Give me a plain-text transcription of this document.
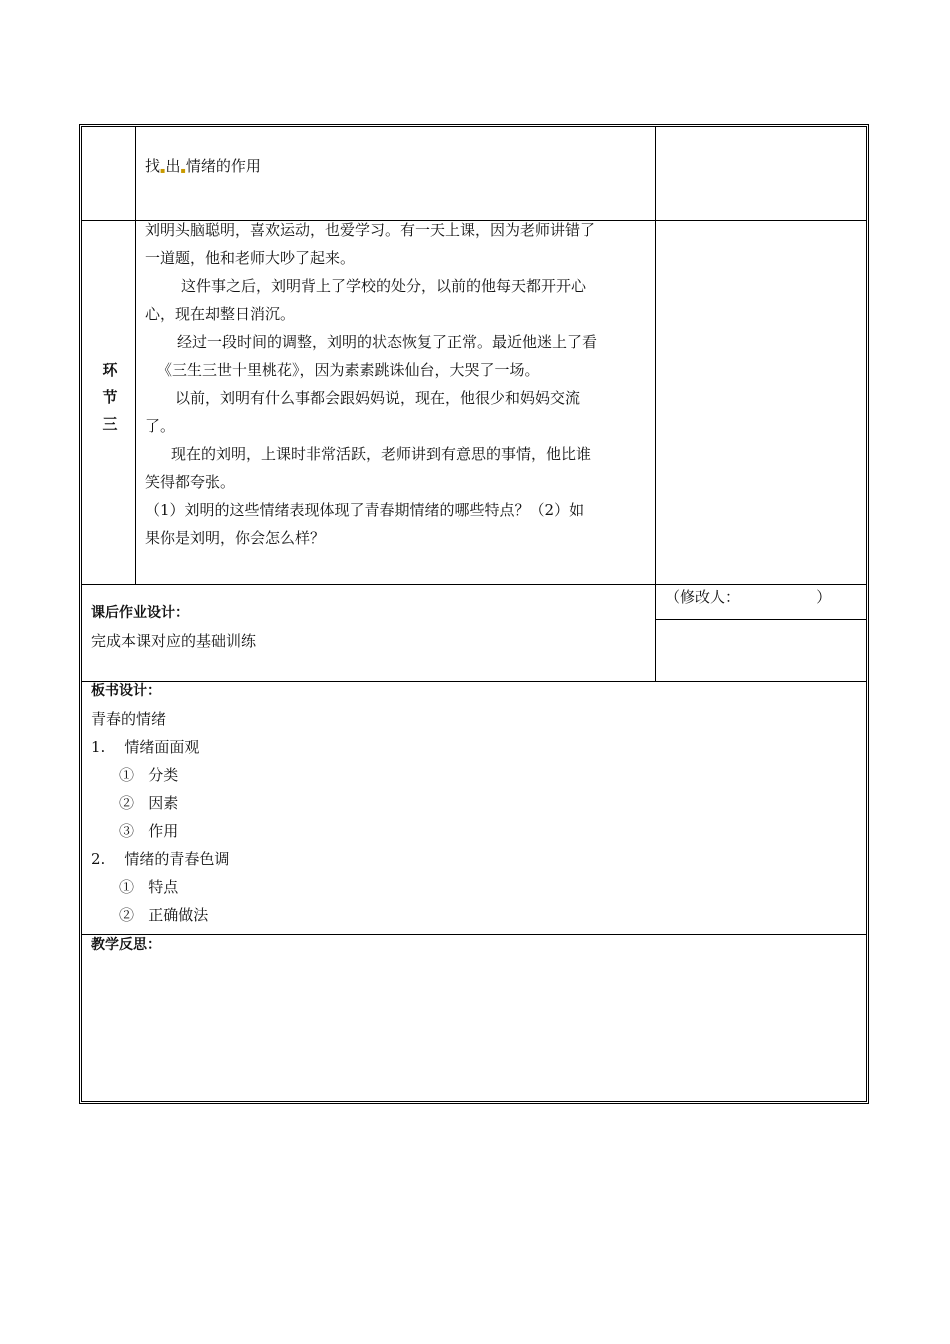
找▪出▪情绪的作用
环
节
三
刘明头脑聪明，喜欢运动，也爱学习。有一天上课，因为老师讲错了
一道题，他和老师大吵了起来。
这件事之后，刘明背上了学校的处分，以前的他每天都开开心
心，现在却整日消沉。
经过一段时间的调整，刘明的状态恢复了正常。最近他迷上了看
《三生三世十里桃花》，因为素素跳诛仙台，大哭了一场。
以前，刘明有什么事都会跟妈妈说，现在，他很少和妈妈交流
了。
现在的刘明，上课时非常活跃，老师讲到有意思的事情，他比谁
笑得都夸张。
（1）刘明的这些情绪表现体现了青春期情绪的哪些特点？（2）如
果你是刘明，你会怎么样？
课后作业设计：
完成本课对应的基础训练
（修改人：                ）
板书设计：
青春的情绪
1.    情绪面面观
①   分类
②   因素
③   作用
2.    情绪的青春色调
①   特点
②   正确做法
教学反思：
